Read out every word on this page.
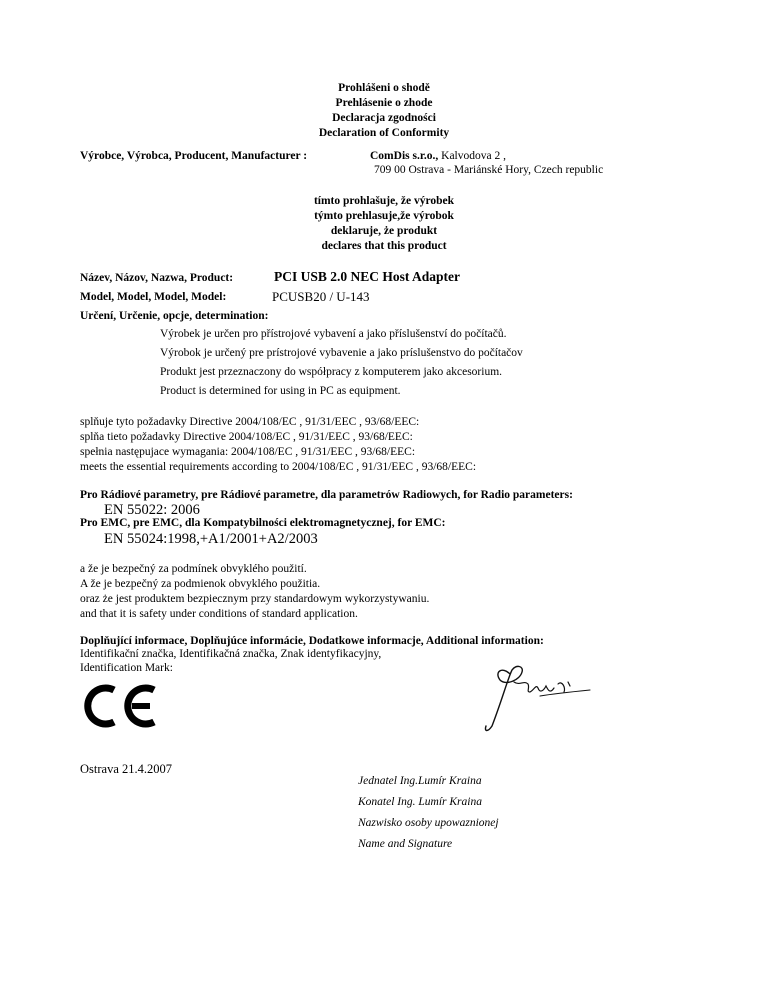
Prohlášeni o shodě
Prehlásenie o zhode
Declaracja zgodności
Declaration of Conformity
Výrobce, Výrobca, Producent, Manufacturer :	ComDis s.r.o., Kalvodova 2 ,
709 00 Ostrava - Mariánské Hory, Czech republic
tímto prohlašuje, že výrobek
týmto prehlasuje,že výrobok
deklaruje, że produkt
declares that this product
Název, Názov, Nazwa, Product:	PCI USB 2.0 NEC Host Adapter
Model, Model, Model, Model:	PCUSB20 / U-143
Určení, Určenie, opcje, determination:
Výrobek je určen pro přístrojové vybavení a jako příslušenství do počítačů.
Výrobok je určený pre prístrojové vybavenie a jako príslušenstvo do počítačov
Produkt jest przeznaczony do współpracy z komputerem jako akcesorium.
Product is determined for using in PC as equipment.
splňuje tyto požadavky Directive 2004/108/EC , 91/31/EEC , 93/68/EEC:
splňa tieto požadavky Directive 2004/108/EC , 91/31/EEC , 93/68/EEC:
spełnia następujace wymagania: 2004/108/EC , 91/31/EEC , 93/68/EEC:
meets the essential requirements according to 2004/108/EC , 91/31/EEC , 93/68/EEC:
Pro Rádiové parametry, pre Rádiové parametre, dla parametrów Radiowych, for Radio parameters:
EN 55022: 2006
Pro EMC, pre EMC, dla Kompatybilności elektromagnetycznej, for EMC:
EN 55024:1998,+A1/2001+A2/2003
a že je bezpečný za podmínek obvyklého použití.
A že je bezpečný za podmienok obvyklého použitia.
oraz że jest produktem bezpiecznym przy standardowym wykorzystywaniu.
and that it is safety under conditions of standard application.
Doplňující informace, Doplňujúce informácie, Dodatkowe informacje, Additional information:
Identifikační značka, Identifikačná značka, Znak identyfikacyjny,
Identification Mark:
Ostrava 21.4.2007
Jednatel Ing.Lumír Kraina
Konatel Ing. Lumír Kraina
Nazwisko osoby upowaznionej
Name and Signature
